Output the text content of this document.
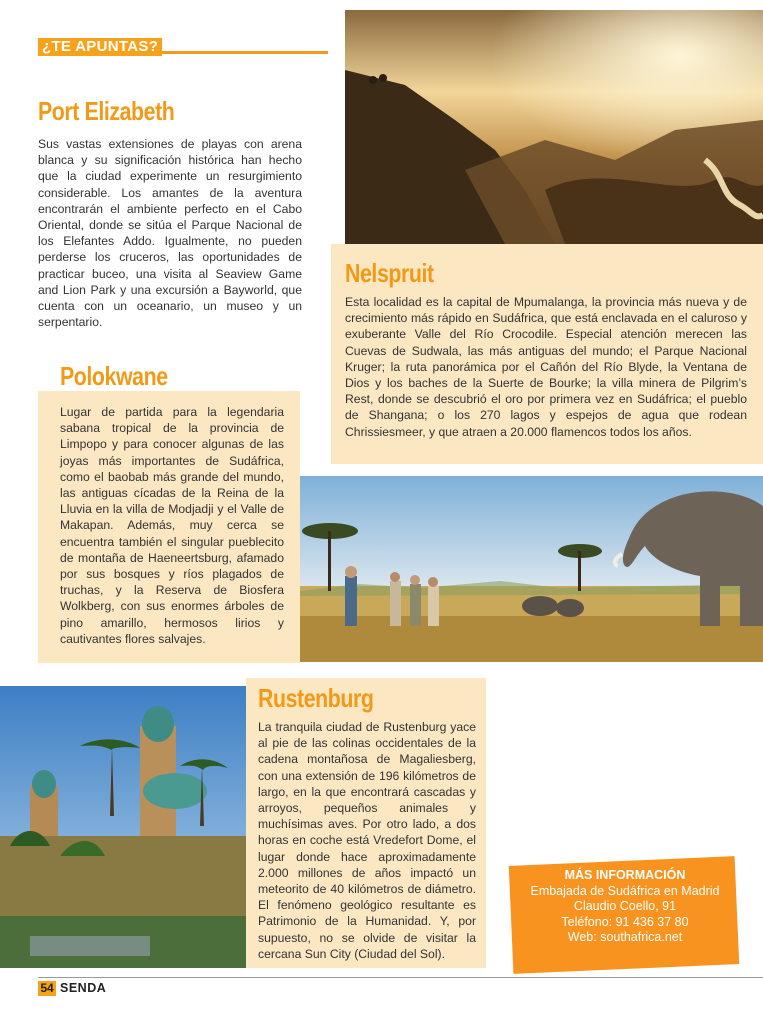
¿TE APUNTAS?
Port Elizabeth
Sus vastas extensiones de playas con arena blanca y su significación histórica han hecho que la ciudad experimente un resurgimiento considerable. Los amantes de la aventura encontrarán el ambiente perfecto en el Cabo Oriental, donde se sitúa el Parque Nacional de los Elefantes Addo. Igualmente, no pueden perderse los cruceros, las oportunidades de practicar buceo, una visita al Seaview Game and Lion Park y una excursión a Bayworld, que cuenta con un oceanario, un museo y un serpentario.
Nelspruit
Esta localidad es la capital de Mpumalanga, la provincia más nueva y de crecimiento más rápido en Sudáfrica, que está enclavada en el caluroso y exuberante Valle del Río Crocodile. Especial atención merecen las Cuevas de Sudwala, las más antiguas del mundo; el Parque Nacional Kruger; la ruta panorámica por el Cañón del Río Blyde, la Ventana de Dios y los baches de la Suerte de Bourke; la villa minera de Pilgrim’s Rest, donde se descubrió el oro por primera vez en Sudáfrica; el pueblo de Shangana; o los 270 lagos y espejos de agua que rodean Chrissiesmeer, y que atraen a 20.000 flamencos todos los años.
Polokwane
Lugar de partida para la legendaria sabana tropical de la provincia de Limpopo y para conocer algunas de las joyas más importantes de Sudáfrica, como el baobab más grande del mundo, las antiguas cícadas de la Reina de la Lluvia en la villa de Modjadji y el Valle de Makapan. Además, muy cerca se encuentra también el singular pueblecito de montaña de Haeneertsburg, afamado por sus bosques y ríos plagados de truchas, y la Reserva de Biosfera Wolkberg, con sus enormes árboles de pino amarillo, hermosos lirios y cautivantes flores salvajes.
Rustenburg
La tranquila ciudad de Rustenburg yace al pie de las colinas occidentales de la cadena montañosa de Magaliesberg, con una extensión de 196 kilómetros de largo, en la que encontrará cascadas y arroyos, pequeños animales y muchísimas aves. Por otro lado, a dos horas en coche está Vredefort Dome, el lugar donde hace aproximadamente 2.000 millones de años impactó un meteorito de 40 kilómetros de diámetro. El fenómeno geológico resultante es Patrimonio de la Humanidad. Y, por supuesto, no se olvide de visitar la cercana Sun City (Ciudad del Sol).
MÁS INFORMACIÓN
Embajada de Sudáfrica en Madrid
Claudio Coello, 91
Teléfono: 91 436 37 80
Web: southafrica.net
54 SENDA
